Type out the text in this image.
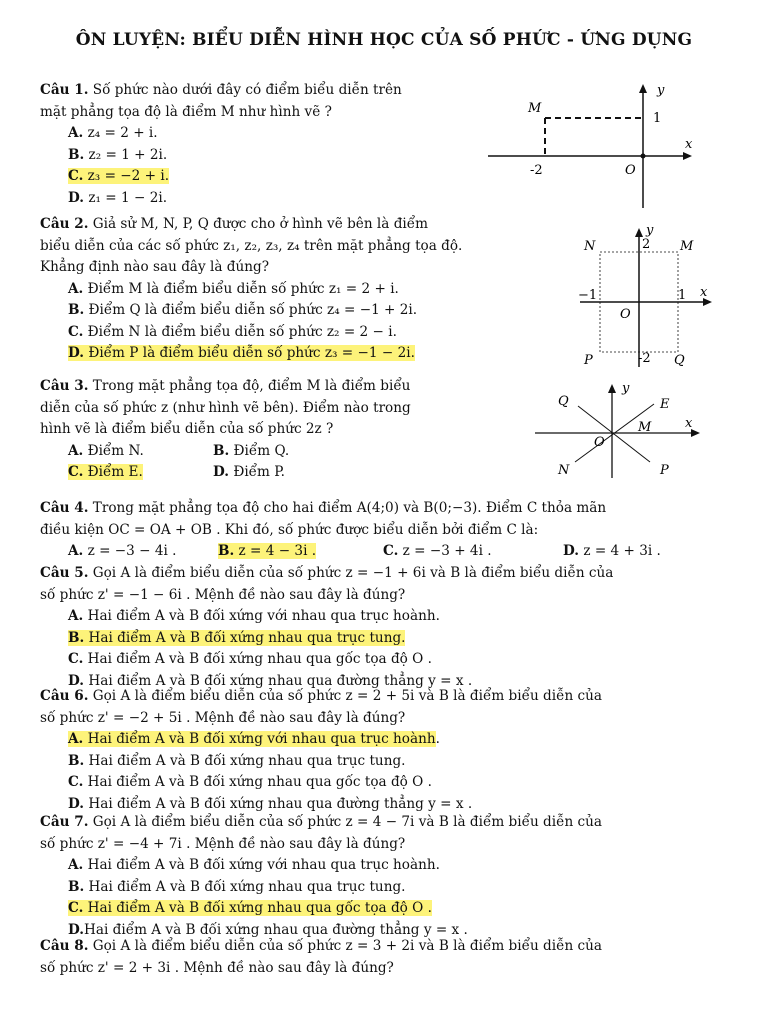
ÔN LUYỆN: BIỂU DIỄN HÌNH HỌC CỦA SỐ PHỨC - ỨNG DỤNG
Câu 1. Số phức nào dưới đây có điểm biểu diễn trên
mặt phẳng tọa độ là điểm M như hình vẽ ?
A. z₄ = 2 + i.
B. z₂ = 1 + 2i.
C. z₃ = −2 + i.
D. z₁ = 1 − 2i.
M
y
x
1
-2	O
Câu 2. Giả sử M, N, P, Q được cho ở hình vẽ bên là điểm
biểu diễn của các số phức z₁, z₂, z₃, z₄ trên mặt phẳng tọa độ.
Khẳng định nào sau đây là đúng?
A. Điểm M là điểm biểu diễn số phức z₁ = 2 + i.
B. Điểm Q là điểm biểu diễn số phức z₄ = −1 + 2i.
C. Điểm N là điểm biểu diễn số phức z₂ = 2 − i.
D. Điểm P là điểm biểu diễn số phức z₃ = −1 − 2i.
N	M
P	Q
y
x
2
-2
−1	1
O
Câu 3. Trong mặt phẳng tọa độ, điểm M là điểm biểu
diễn của số phức z (như hình vẽ bên). Điểm nào trong
hình vẽ là điểm biểu diễn của số phức 2z ?
A. Điểm N.	B. Điểm Q.
C. Điểm E.	D. Điểm P.
Q	E
M
N	P
O
y
x
Câu 4. Trong mặt phẳng tọa độ cho hai điểm A(4;0) và B(0;−3). Điểm C thỏa mãn
điều kiện OC = OA + OB . Khi đó, số phức được biểu diễn bởi điểm C là:
A. z = −3 − 4i .	B. z = 4 − 3i .	C. z = −3 + 4i .	D. z = 4 + 3i .
Câu 5. Gọi A là điểm biểu diễn của số phức z = −1 + 6i và B là điểm biểu diễn của
số phức z' = −1 − 6i . Mệnh đề nào sau đây là đúng?
A. Hai điểm A và B đối xứng với nhau qua trục hoành.
B. Hai điểm A và B đối xứng nhau qua trục tung.
C. Hai điểm A và B đối xứng nhau qua gốc tọa độ O .
D. Hai điểm A và B đối xứng nhau qua đường thẳng y = x .
Câu 6. Gọi A là điểm biểu diễn của số phức z = 2 + 5i và B là điểm biểu diễn của
số phức z' = −2 + 5i . Mệnh đề nào sau đây là đúng?
A. Hai điểm A và B đối xứng với nhau qua trục hoành.
B. Hai điểm A và B đối xứng nhau qua trục tung.
C. Hai điểm A và B đối xứng nhau qua gốc tọa độ O .
D. Hai điểm A và B đối xứng nhau qua đường thẳng y = x .
Câu 7. Gọi A là điểm biểu diễn của số phức z = 4 − 7i và B là điểm biểu diễn của
số phức z' = −4 + 7i . Mệnh đề nào sau đây là đúng?
A. Hai điểm A và B đối xứng với nhau qua trục hoành.
B. Hai điểm A và B đối xứng nhau qua trục tung.
C. Hai điểm A và B đối xứng nhau qua gốc tọa độ O .
D.Hai điểm A và B đối xứng nhau qua đường thẳng y = x .
Câu 8. Gọi A là điểm biểu diễn của số phức z = 3 + 2i và B là điểm biểu diễn của
số phức z' = 2 + 3i . Mệnh đề nào sau đây là đúng?
